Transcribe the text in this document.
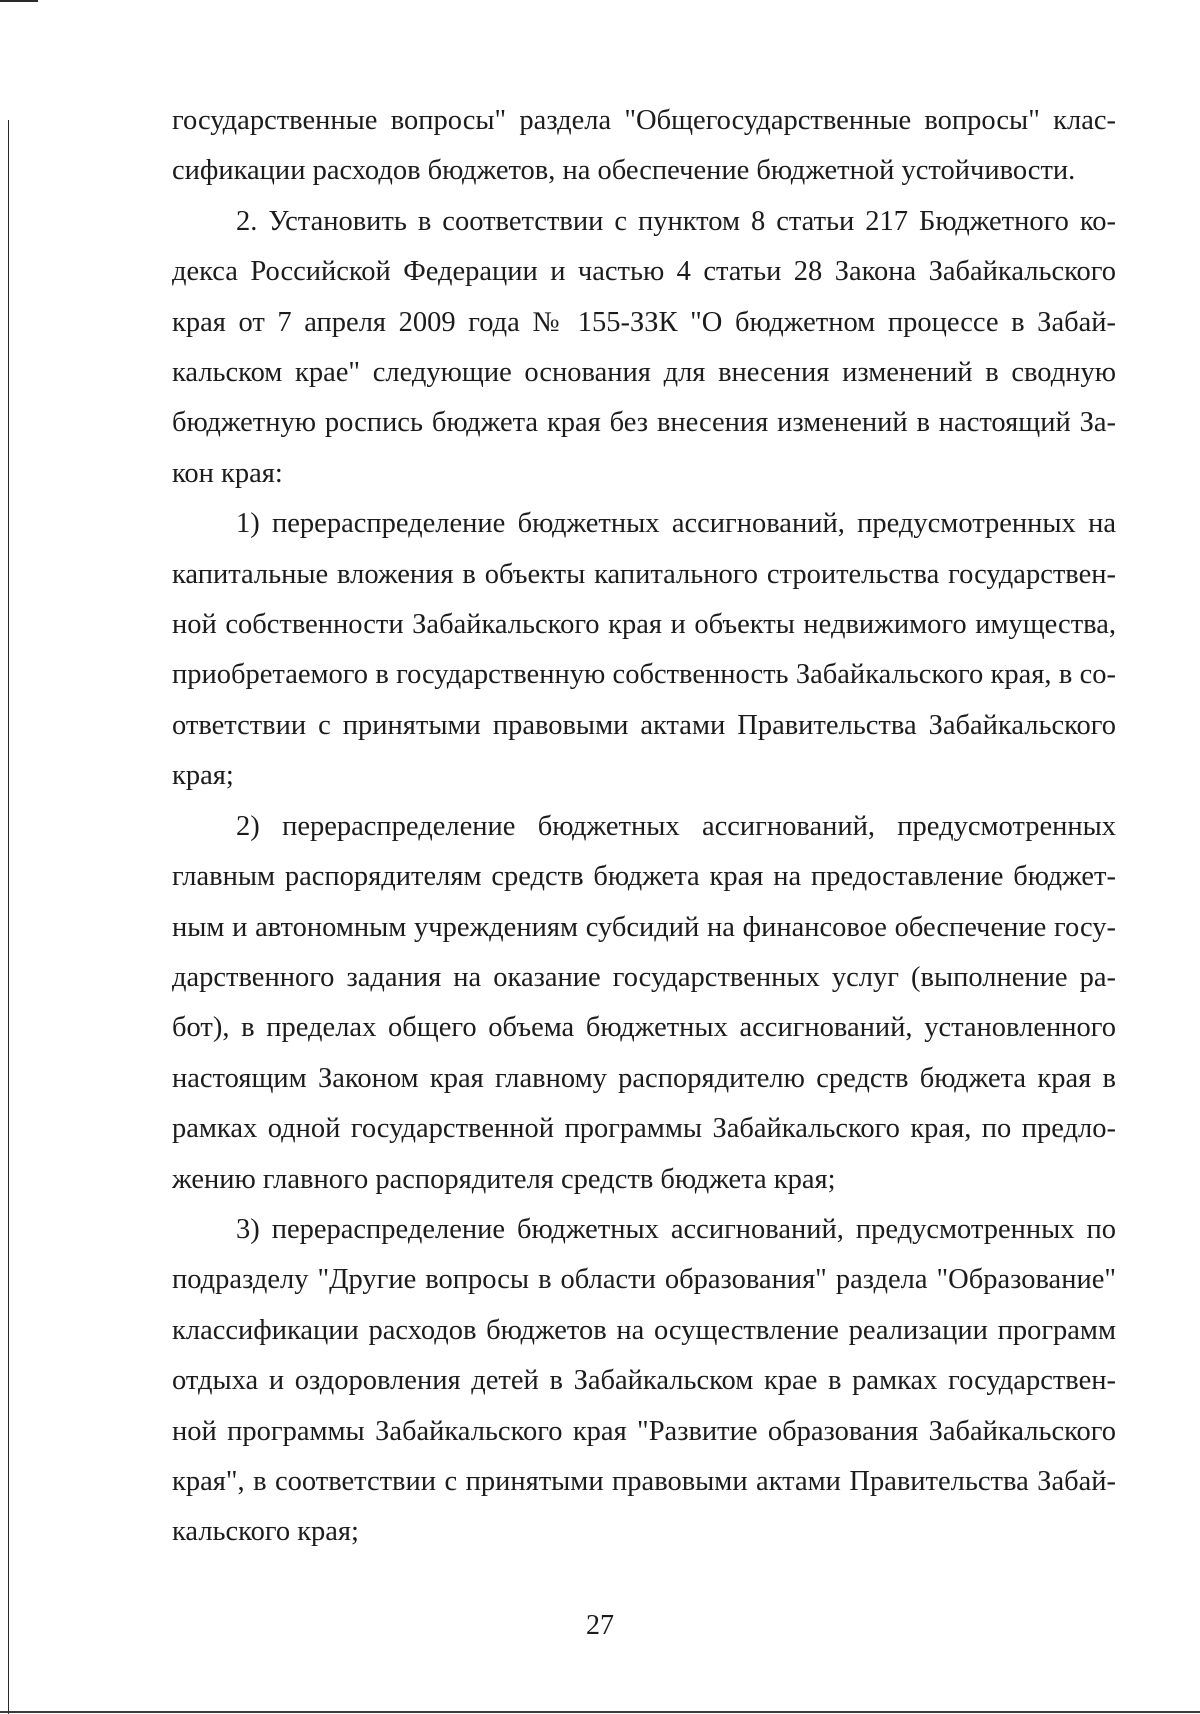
государственные вопросы" раздела "Общегосударственные вопросы" классификации расходов бюджетов, на обеспечение бюджетной устойчивости.

2. Установить в соответствии с пунктом 8 статьи 217 Бюджетного кодекса Российской Федерации и частью 4 статьи 28 Закона Забайкальского края от 7 апреля 2009 года № 155-ЗЗК "О бюджетном процессе в Забайкальском крае" следующие основания для внесения изменений в сводную бюджетную роспись бюджета края без внесения изменений в настоящий Закон края:

1) перераспределение бюджетных ассигнований, предусмотренных на капитальные вложения в объекты капитального строительства государственной собственности Забайкальского края и объекты недвижимого имущества, приобретаемого в государственную собственность Забайкальского края, в соответствии с принятыми правовыми актами Правительства Забайкальского края;

2) перераспределение бюджетных ассигнований, предусмотренных главным распорядителям средств бюджета края на предоставление бюджетным и автономным учреждениям субсидий на финансовое обеспечение государственного задания на оказание государственных услуг (выполнение работ), в пределах общего объема бюджетных ассигнований, установленного настоящим Законом края главному распорядителю средств бюджета края в рамках одной государственной программы Забайкальского края, по предложению главного распорядителя средств бюджета края;

3) перераспределение бюджетных ассигнований, предусмотренных по подразделу "Другие вопросы в области образования" раздела "Образование" классификации расходов бюджетов на осуществление реализации программ отдыха и оздоровления детей в Забайкальском крае в рамках государственной программы Забайкальского края "Развитие образования Забайкальского края", в соответствии с принятыми правовыми актами Правительства Забайкальского края;

27
